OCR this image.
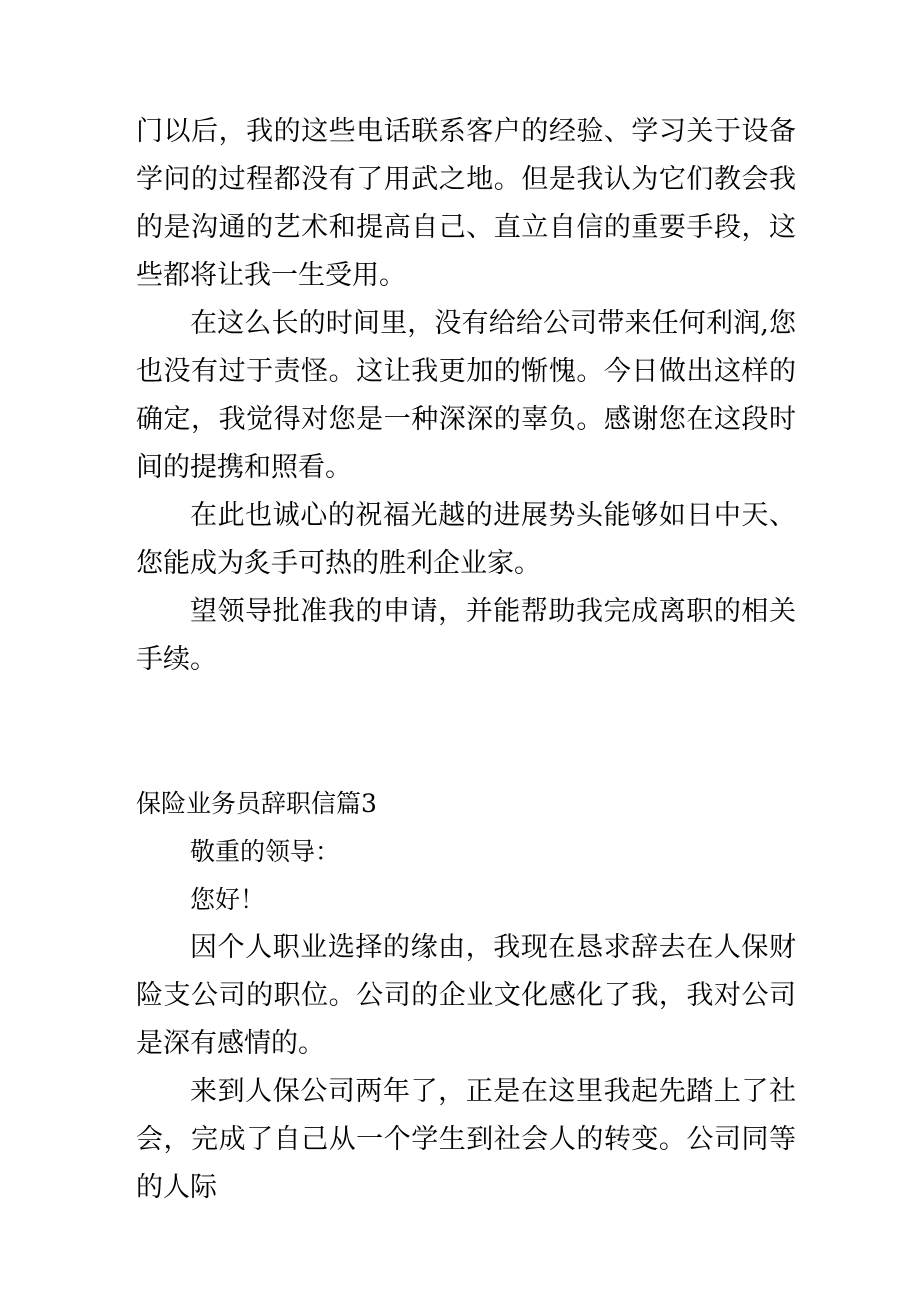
门以后，我的这些电话联系客户的经验、学习关于设备学问的过程都没有了用武之地。但是我认为它们教会我的是沟通的艺术和提高自己、直立自信的重要手段，这些都将让我一生受用。

在这么长的时间里，没有给给公司带来任何利润,您也没有过于责怪。这让我更加的惭愧。今日做出这样的确定，我觉得对您是一种深深的辜负。感谢您在这段时间的提携和照看。

在此也诚心的祝福光越的进展势头能够如日中天、您能成为炙手可热的胜利企业家。

望领导批准我的申请，并能帮助我完成离职的相关手续。

保险业务员辞职信篇3

敬重的领导：

您好！

因个人职业选择的缘由，我现在恳求辞去在人保财险支公司的职位。公司的企业文化感化了我，我对公司是深有感情的。

来到人保公司两年了，正是在这里我起先踏上了社会，完成了自己从一个学生到社会人的转变。公司同等的人际
